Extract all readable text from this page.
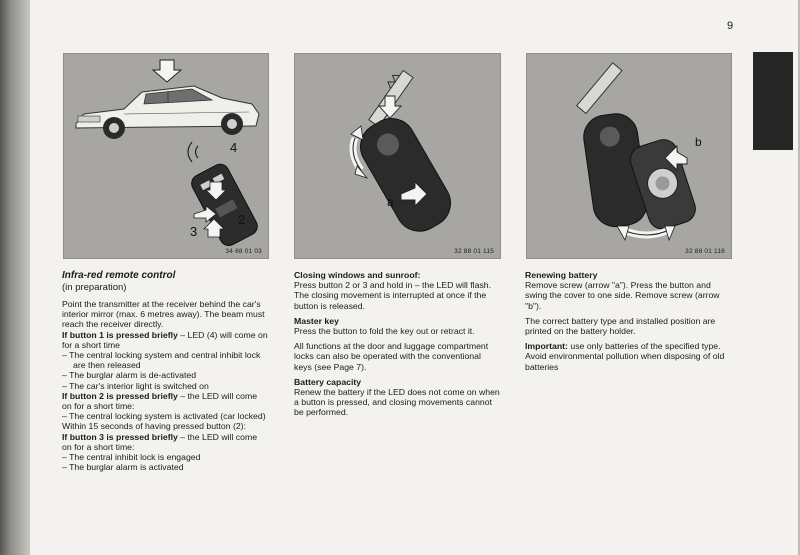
9
4
2
3
34 68 01 03
a
32 88 01 115
b
32 88 01 116

Infra-red remote control

(in preparation)

Point the transmitter at the receiver behind the car's interior mirror (max. 6 metres away). The beam must reach the receiver directly.

If button 1 is pressed briefly – LED (4) will come on for a short time

– The central locking system and central inhibit lock are then released

– The burglar alarm is de-activated

– The car's interior light is switched on

If button 2 is pressed briefly – the LED will come on for a short time:

– The central locking system is activated (car locked)

Within 15 seconds of having pressed button (2):

If button 3 is pressed briefly – the LED will come on for a short time:

– The central inhibit lock is engaged

– The burglar alarm is activated

Closing windows and sunroof:

Press button 2 or 3 and hold in – the LED will flash.

The closing movement is interrupted at once if the button is released.

Master key

Press the button to fold the key out or retract it.

All functions at the door and luggage compartment locks can also be operated with the conventional keys (see Page 7).

Battery capacity

Renew the battery if the LED does not come on when a button is pressed, and closing movements cannot be performed.

Renewing battery

Remove screw (arrow "a"). Press the button and swing the cover to one side. Remove screw (arrow "b").

The correct battery type and installed position are printed on the battery holder.

Important: use only batteries of the specified type. Avoid environmental pollution when disposing of old batteries
